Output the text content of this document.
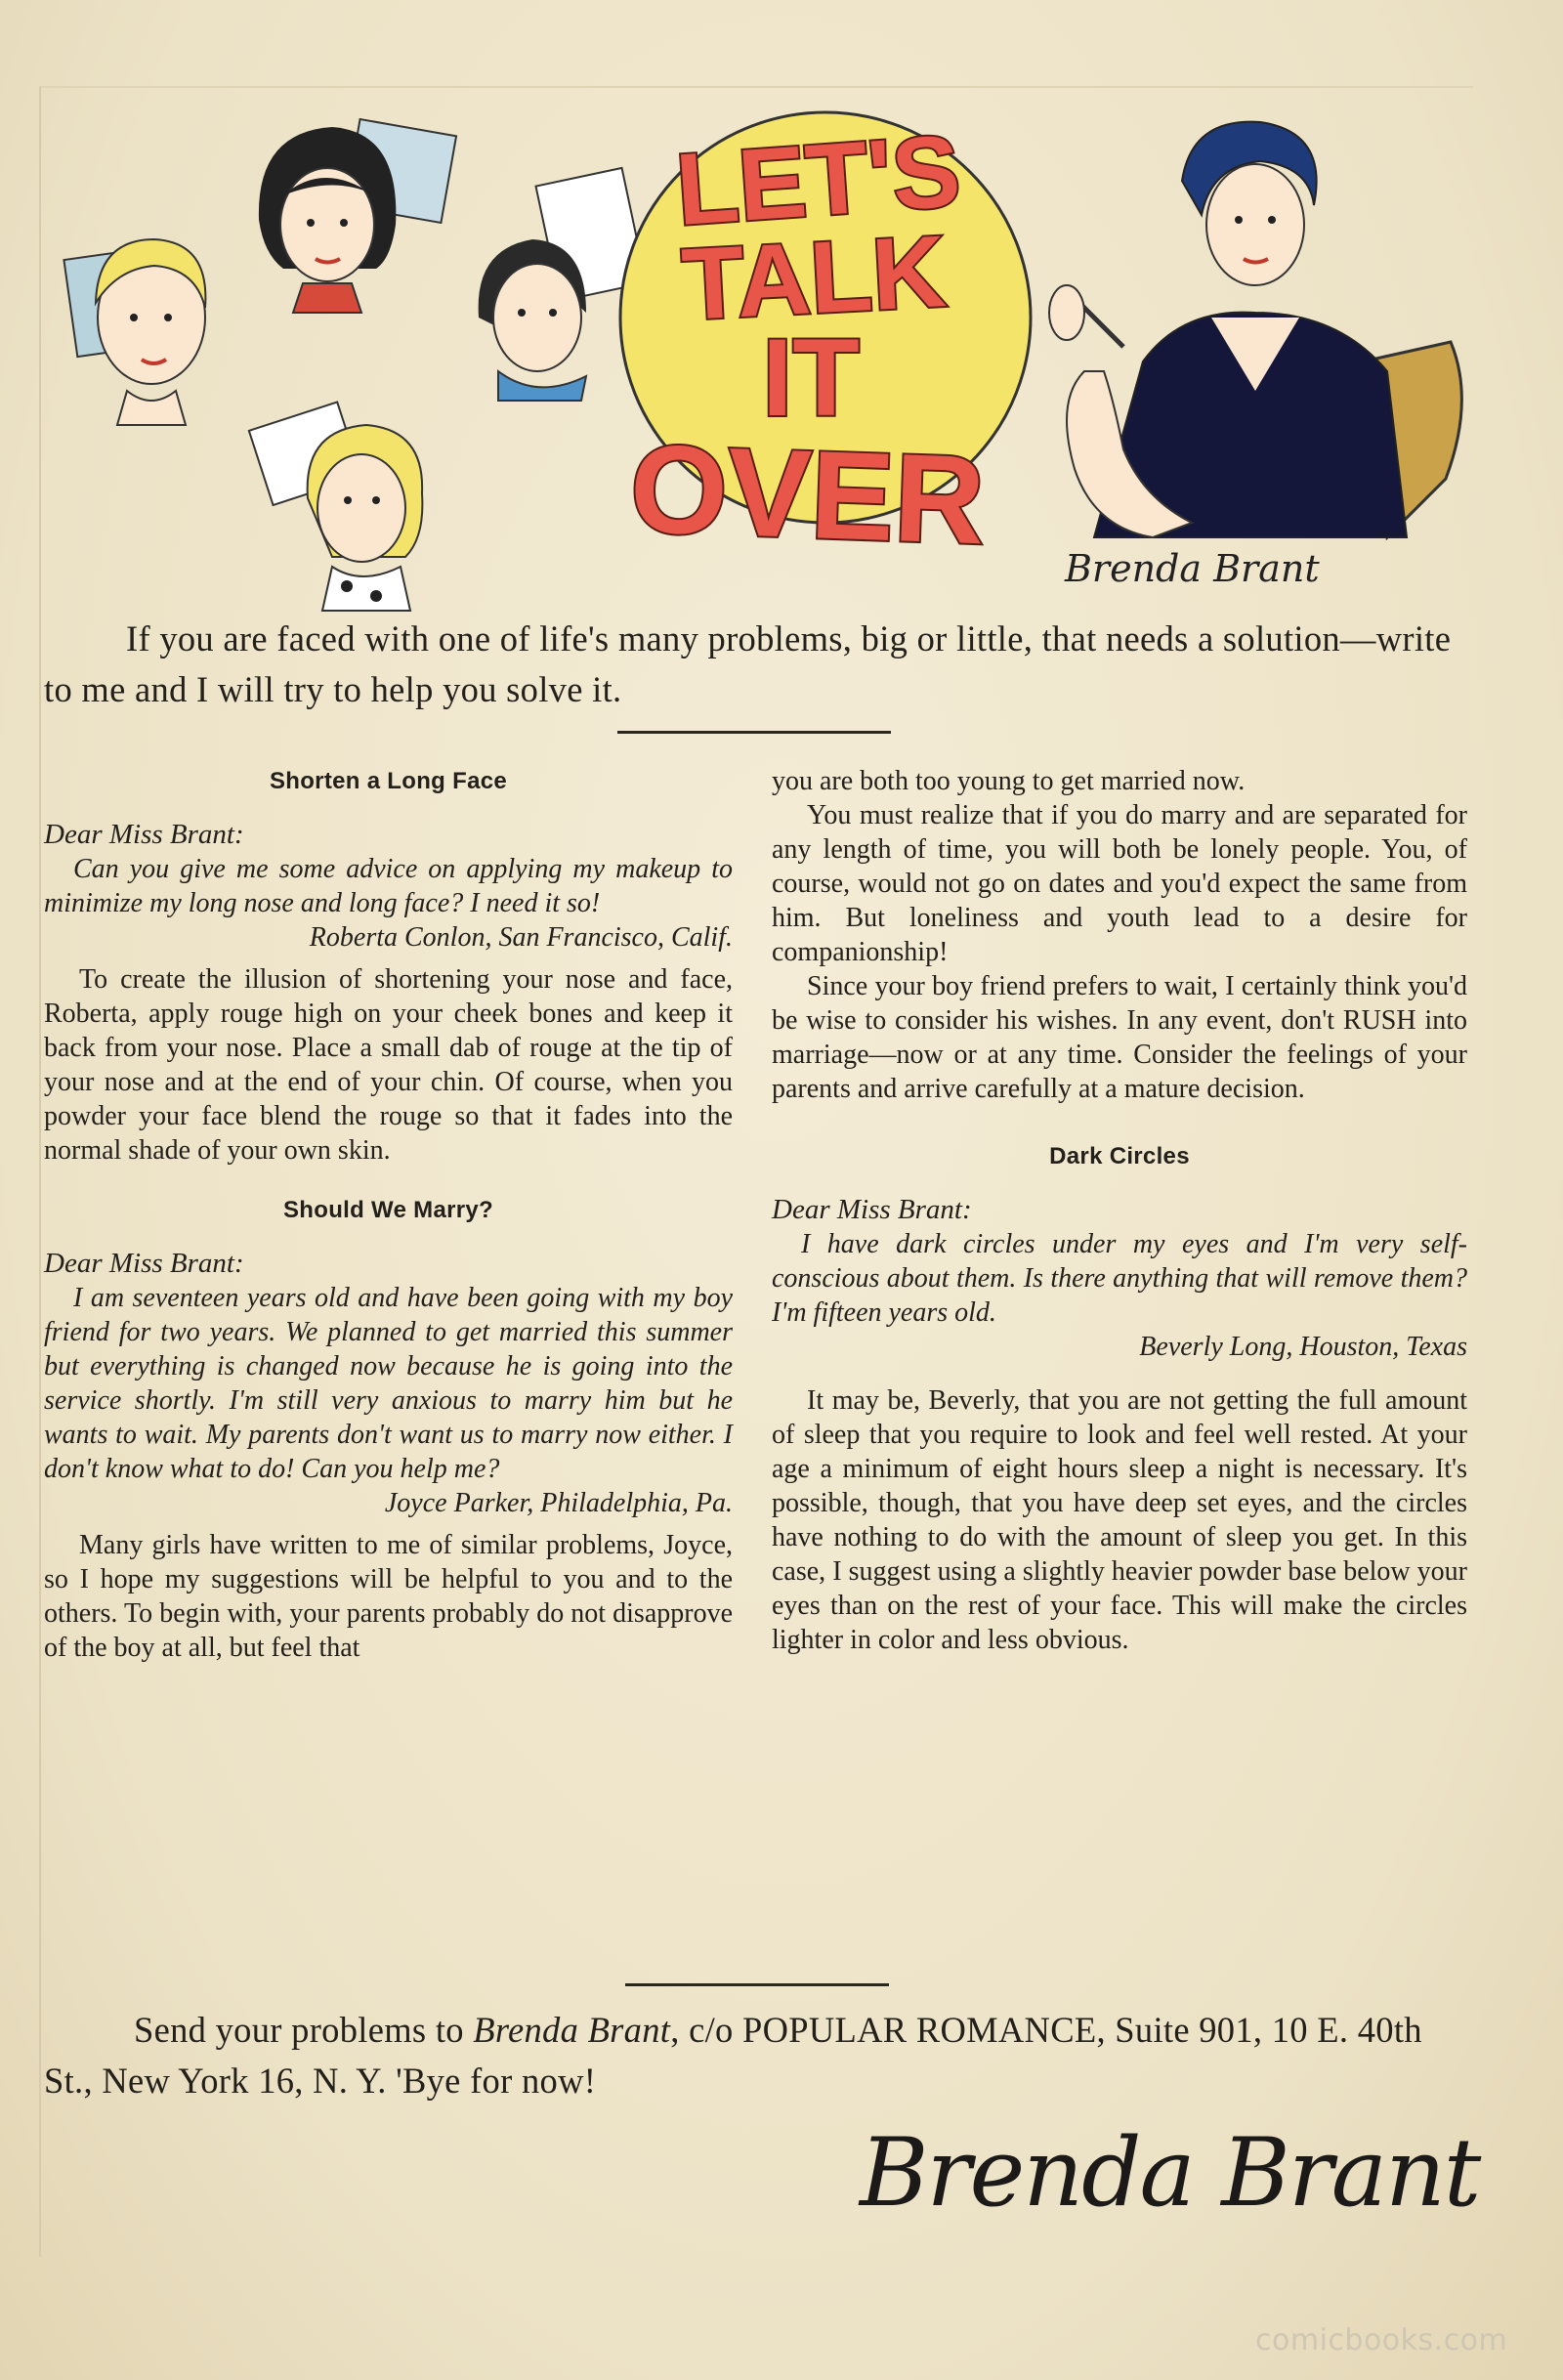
LET'S
TALK
IT
OVER Brenda Brant
If you are faced with one of life's many problems, big or little, that needs a solution—write to me and I will try to help you solve it.
Shorten a Long Face

Dear Miss Brant:

Can you give me some advice on applying my makeup to minimize my long nose and long face? I need it so!

Roberta Conlon, San Francisco, Calif.

To create the illusion of shortening your nose and face, Roberta, apply rouge high on your cheek bones and keep it back from your nose. Place a small dab of rouge at the tip of your nose and at the end of your chin. Of course, when you powder your face blend the rouge so that it fades into the normal shade of your own skin.

Should We Marry?

Dear Miss Brant:

I am seventeen years old and have been going with my boy friend for two years. We planned to get married this summer but everything is changed now because he is going into the service shortly. I'm still very anxious to marry him but he wants to wait. My parents don't want us to marry now either. I don't know what to do! Can you help me?

Joyce Parker, Philadelphia, Pa.

Many girls have written to me of similar problems, Joyce, so I hope my suggestions will be helpful to you and to the others. To begin with, your parents probably do not disapprove of the boy at all, but feel that

you are both too young to get married now.

You must realize that if you do marry and are separated for any length of time, you will both be lonely people. You, of course, would not go on dates and you'd expect the same from him. But loneliness and youth lead to a desire for companionship!

Since your boy friend prefers to wait, I certainly think you'd be wise to consider his wishes. In any event, don't RUSH into marriage—now or at any time. Consider the feelings of your parents and arrive carefully at a mature decision.

Dark Circles

Dear Miss Brant:

I have dark circles under my eyes and I'm very self-conscious about them. Is there anything that will remove them? I'm fifteen years old.

Beverly Long, Houston, Texas

It may be, Beverly, that you are not getting the full amount of sleep that you require to look and feel well rested. At your age a minimum of eight hours sleep a night is necessary. It's possible, though, that you have deep set eyes, and the circles have nothing to do with the amount of sleep you get. In this case, I suggest using a slightly heavier powder base below your eyes than on the rest of your face. This will make the circles lighter in color and less obvious.

Send your problems to Brenda Brant, c/o POPULAR ROMANCE, Suite 901, 10 E. 40th St., New York 16, N. Y. 'Bye for now!
Brenda Brant
comicbooks.com
